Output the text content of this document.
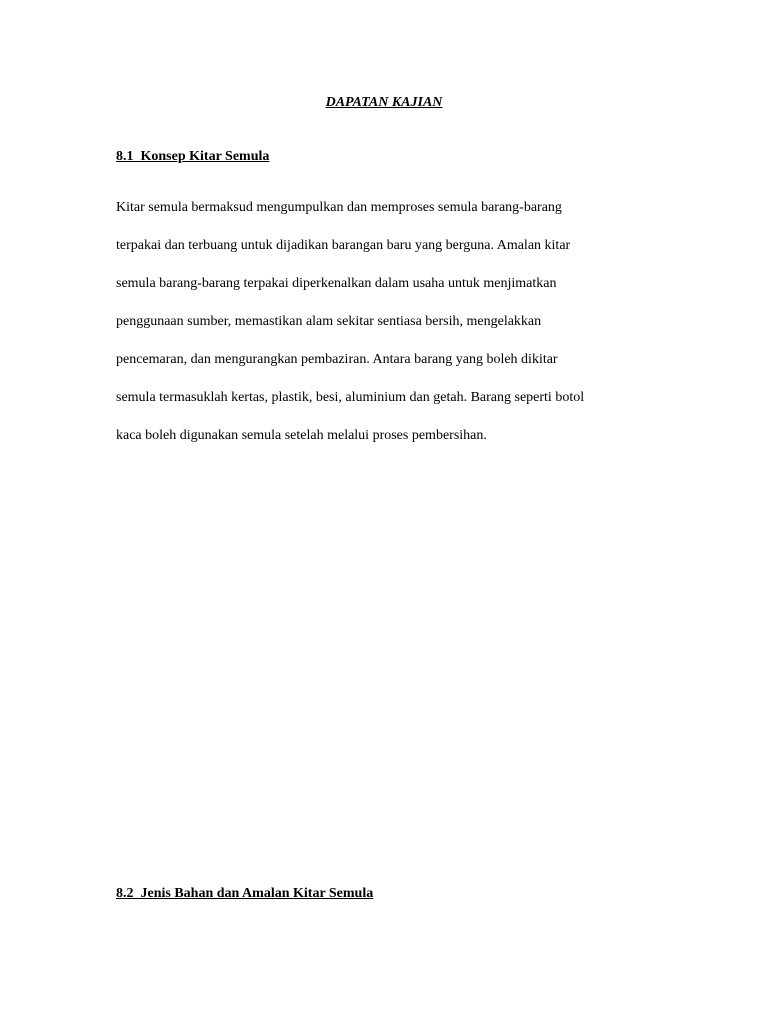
DAPATAN KAJIAN
8.1  Konsep Kitar Semula
Kitar semula bermaksud mengumpulkan dan memproses semula barang-barang
terpakai dan terbuang untuk dijadikan barangan baru yang berguna. Amalan kitar
semula barang-barang terpakai diperkenalkan dalam usaha untuk menjimatkan
penggunaan sumber, memastikan alam sekitar sentiasa bersih, mengelakkan
pencemaran, dan mengurangkan pembaziran. Antara barang yang boleh dikitar
semula termasuklah kertas, plastik, besi, aluminium dan getah. Barang seperti botol
kaca boleh digunakan semula setelah melalui proses pembersihan.
8.2  Jenis Bahan dan Amalan Kitar Semula
